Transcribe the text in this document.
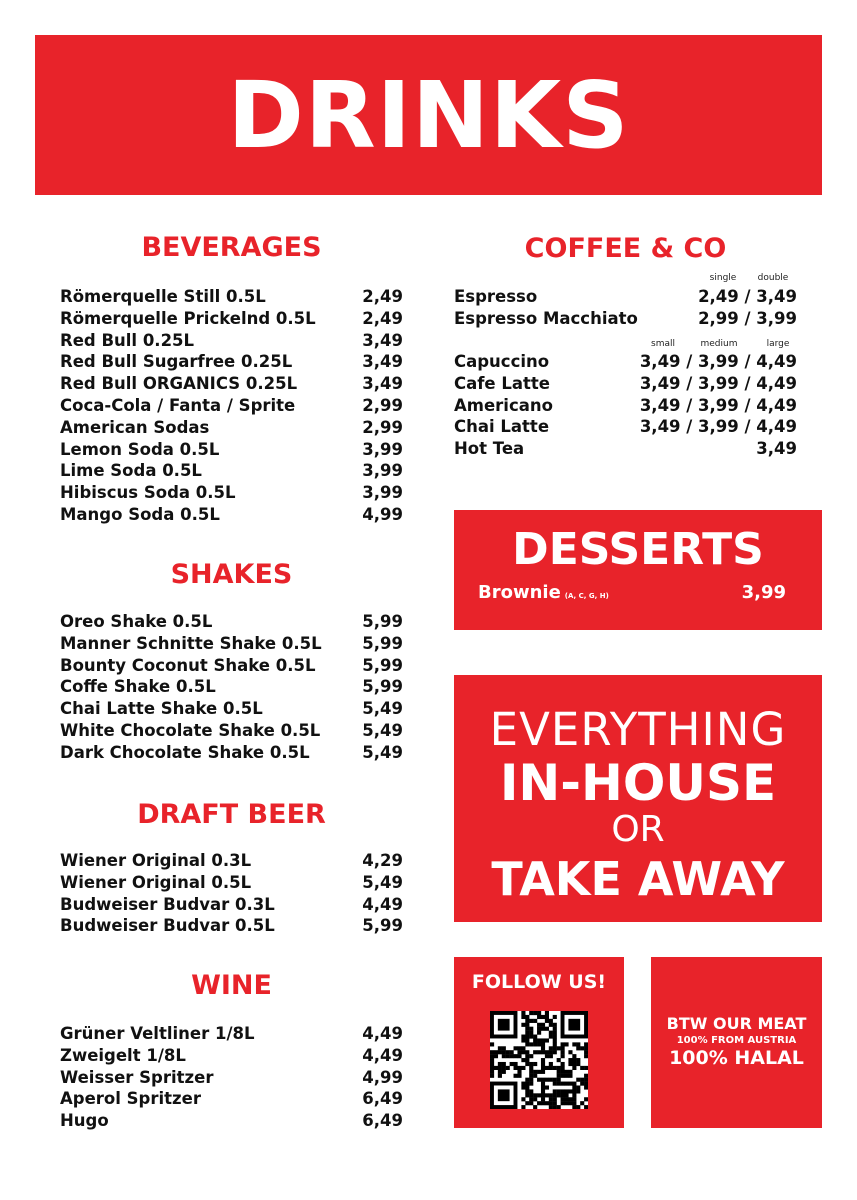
DRINKS
BEVERAGES
Römerquelle Still 0.5L	2,49
Römerquelle Prickelnd 0.5L	2,49
Red Bull 0.25L	3,49
Red Bull Sugarfree 0.25L	3,49
Red Bull ORGANICS 0.25L	3,49
Coca-Cola / Fanta / Sprite	2,99
American Sodas	2,99
Lemon Soda 0.5L	3,99
Lime Soda 0.5L	3,99
Hibiscus Soda 0.5L	3,99
Mango Soda 0.5L	4,99
SHAKES
Oreo Shake 0.5L	5,99
Manner Schnitte Shake 0.5L 5,99
Bounty Coconut Shake 0.5L	5,99
Coffe Shake 0.5L	5,99
Chai Latte Shake 0.5L	5,49
White Chocolate Shake 0.5L	5,49
Dark Chocolate Shake 0.5L	5,49
DRAFT BEER
Wiener Original 0.3L	4,29
Wiener Original 0.5L	5,49
Budweiser Budvar 0.3L	4,49
Budweiser Budvar 0.5L	5,99
WINE
Grüner Veltliner 1/8L	4,49
Zweigelt 1/8L	4,49
Weisser Spritzer	4,99
Aperol Spritzer	6,49
Hugo	6,49
COFFEE & CO
single	double
Espresso	2,49 / 3,49
Espresso Macchiato	2,99 / 3,99
small	medium	large
Capuccino	3,49 / 3,99 / 4,49
Cafe Latte	3,49 / 3,99 / 4,49
Americano	3,49 / 3,99 / 4,49
Chai Latte	3,49 / 3,99 / 4,49
Hot Tea	3,49
DESSERTS
Brownie (A, C, G, H)	3,99
EVERYTHING
IN-HOUSE
OR
TAKE AWAY
FOLLOW US!
BTW OUR MEAT
100% FROM AUSTRIA
100% HALAL
